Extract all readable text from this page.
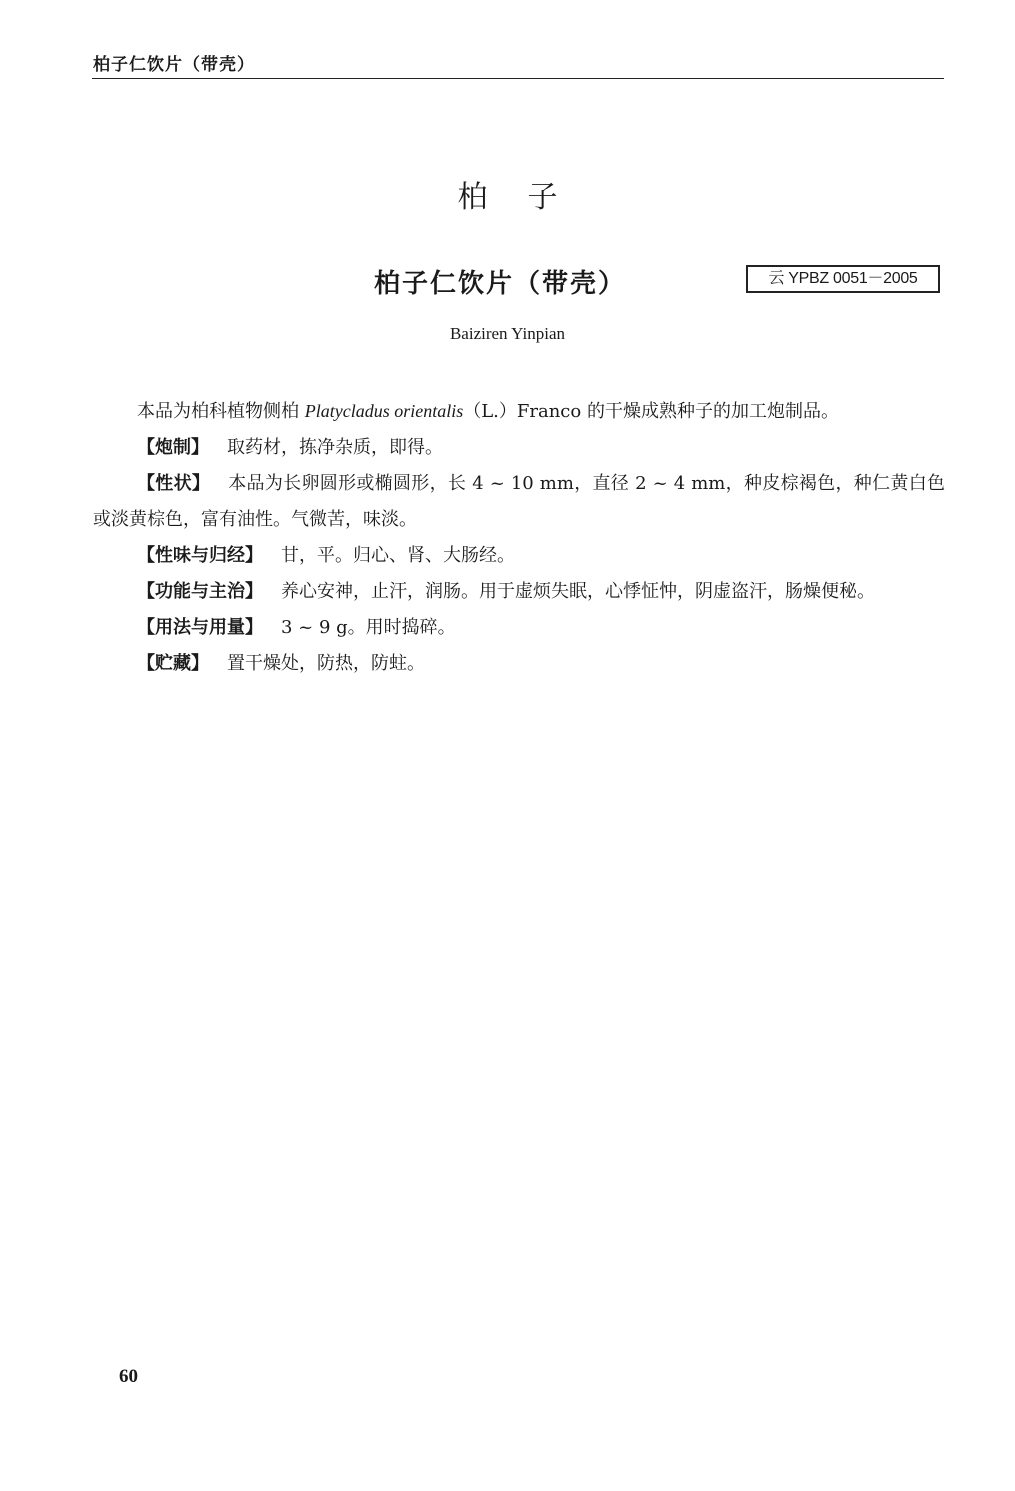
柏子仁饮片（带壳）
柏子
柏子仁饮片（带壳）	云 YPBZ 0051－2005
Baiziren Yinpian

本品为柏科植物侧柏 Platycladus orientalis（L.）Franco 的干燥成熟种子的加工炮制品。

【炮制】 取药材，拣净杂质，即得。

【性状】 本品为长卵圆形或椭圆形，长 4 ~ 10 mm，直径 2 ~ 4 mm，种皮棕褐色，种仁黄白色或淡黄棕色，富有油性。气微苦，味淡。

【性味与归经】 甘，平。归心、肾、大肠经。

【功能与主治】 养心安神，止汗，润肠。用于虚烦失眠，心悸怔忡，阴虚盗汗，肠燥便秘。

【用法与用量】 3 ~ 9 g。用时捣碎。

【贮藏】 置干燥处，防热，防蛀。

60
